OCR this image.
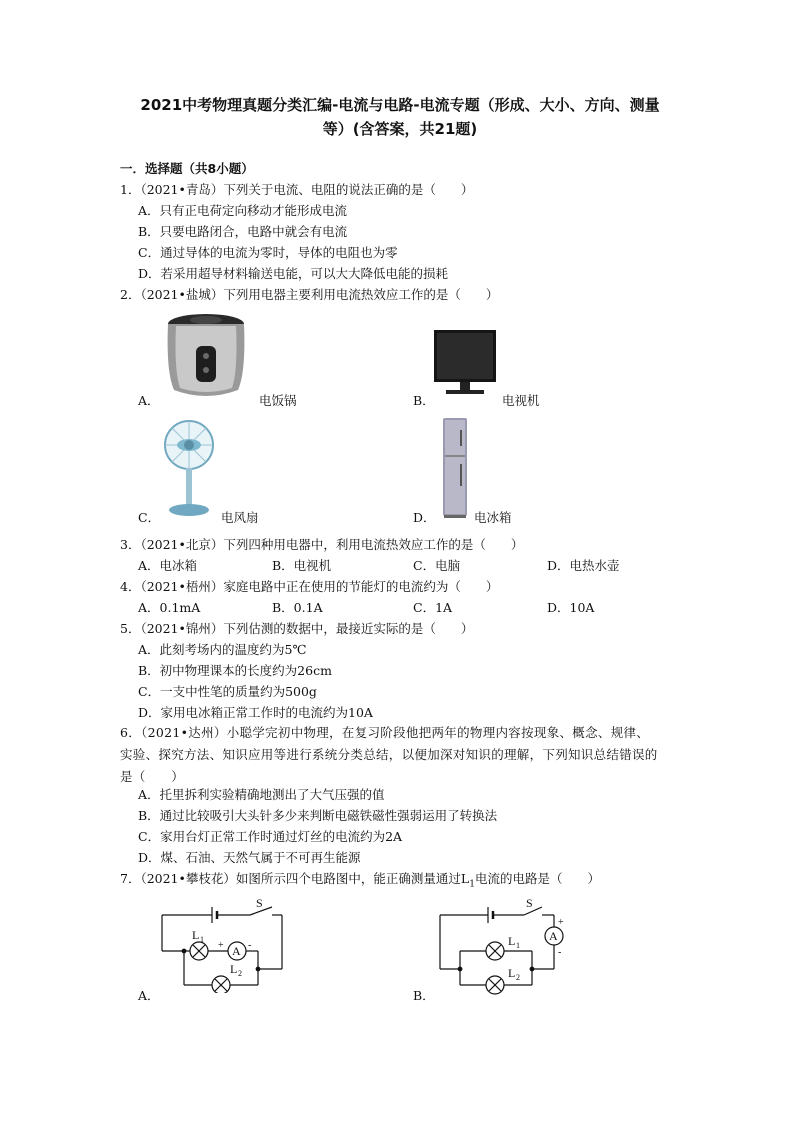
2021中考物理真题分类汇编-电流与电路-电流专题（形成、大小、方向、测量
等）(含答案，共21题)
一．选择题（共8小题）
1．（2021•青岛）下列关于电流、电阻的说法正确的是（　　）
A．只有正电荷定向移动才能形成电流
B．只要电路闭合，电路中就会有电流
C．通过导体的电流为零时，导体的电阻也为零
D．若采用超导材料输送电能，可以大大降低电能的损耗
2．（2021•盐城）下列用电器主要利用电流热效应工作的是（　　）
A．	电饭锅	B．	电视机
C．	电风扇	D．	电冰箱
3．（2021•北京）下列四种用电器中，利用电流热效应工作的是（　　）
A．电冰箱	B．电视机	C．电脑	D．电热水壶
4．（2021•梧州）家庭电路中正在使用的节能灯的电流约为（　　）
A．0.1mA	B．0.1A	C．1A	D．10A
5．（2021•锦州）下列估测的数据中，最接近实际的是（　　）
A．此刻考场内的温度约为5℃
B．初中物理课本的长度约为26cm
C．一支中性笔的质量约为500g
D．家用电冰箱正常工作时的电流约为10A
6．（2021•达州）小聪学完初中物理，在复习阶段他把两年的物理内容按现象、概念、规律、实验、探究方法、知识应用等进行系统分类总结，以便加深对知识的理解，下列知识总结错误的是（　　）
A．托里拆利实验精确地测出了大气压强的值
B．通过比较吸引大头针多少来判断电磁铁磁性强弱运用了转换法
C．家用台灯正常工作时通过灯丝的电流约为2A
D．煤、石油、天然气属于不可再生能源
7．（2021•攀枝花）如图所示四个电路图中，能正确测量通过$L_1$电流的电路是（　　）
A．
S
L 1
A
+ -
L 2
B．
S
A
+
-
L 1
L 2
